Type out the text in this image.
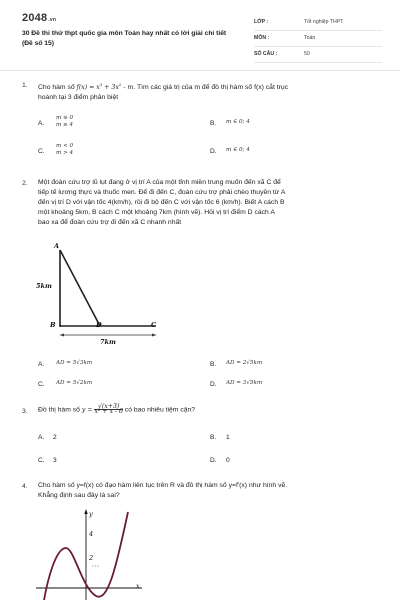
2048.vn
30 Đề thi thử thpt quốc gia môn Toán hay nhất có lời giải chi tiết (Đề số 15)
LỚP :	Tốt nghiệp THPT
MÔN :	Toán
SỐ CÂU :	50
1. Cho hàm số $f(x) = x^3 + 3x^2 - m$. Tìm các giá trị của m để đồ thị hàm số f(x) cắt trục
hoành tại 3 điểm phân biệt
A.
m ≤ 0
m ≥ 4	B. m ∈ 0; 4
C.
m < 0
m > 4	D. m ∈ 0; 4
2. Một đoàn cứu trợ lũ lụt đang ở vị trí A của một tỉnh miền trung muốn đến xã C để
tiếp tế lương thực và thuốc men. Để đi đến C, đoàn cứu trợ phải chèo thuyền từ A
đến vị trí D với vận tốc 4(km/h), rồi đi bộ đến C với vận tốc 6 (km/h). Biết A cách B
một khoảng 5km, B cách C một khoảng 7km (hình vẽ). Hỏi vị trí điểm D cách A
bao xa để đoàn cứu trợ đi đến xã C nhanh nhất
A
5km
B	D	C
7km
A. AD = 5√3km	B. AD = 2√5km
C. AD = 5√2km	D. AD = 3√5km
3. Đồ thị hàm số $y = \frac{√(x+3)}{\text{x² + x - 6}}$ có bao nhiêu tiệm cận?
A. 2	B. 1
C. 3	D. 0
4. Cho hàm số y=f(x) có đạo hàm liên tục trên R và đồ thị hàm số y=f'(x) như hình vẽ.
Khẳng định sau đây là sai?
y
4
2
x
